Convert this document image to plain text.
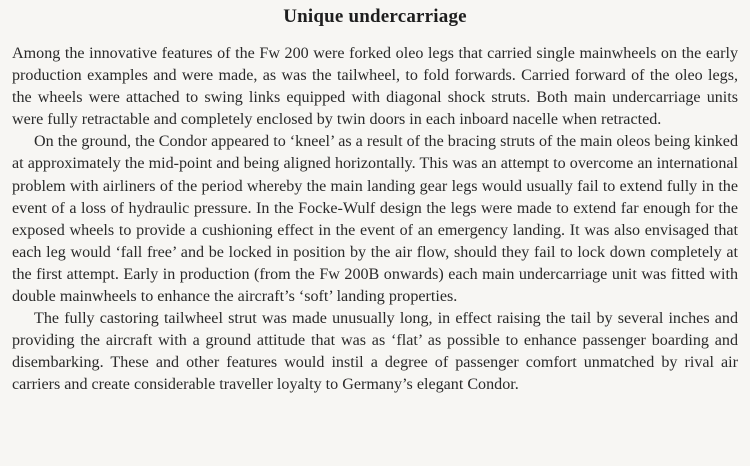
Unique undercarriage

Among the innovative features of the Fw 200 were forked oleo legs that carried single mainwheels on the early production examples and were made, as was the tailwheel, to fold forwards. Carried forward of the oleo legs, the wheels were attached to swing links equipped with diagonal shock struts. Both main undercarriage units were fully retractable and completely enclosed by twin doors in each inboard nacelle when retracted.

On the ground, the Condor appeared to ‘kneel’ as a result of the bracing struts of the main oleos being kinked at approximately the mid-point and being aligned horizontally. This was an attempt to overcome an international problem with airliners of the period whereby the main landing gear legs would usually fail to extend fully in the event of a loss of hydraulic pressure. In the Focke-Wulf design the legs were made to extend far enough for the exposed wheels to provide a cushioning effect in the event of an emergency landing. It was also envisaged that each leg would ‘fall free’ and be locked in position by the air flow, should they fail to lock down completely at the first attempt. Early in production (from the Fw 200B onwards) each main undercarriage unit was fitted with double mainwheels to enhance the aircraft’s ‘soft’ landing properties.

The fully castoring tailwheel strut was made unusually long, in effect raising the tail by several inches and providing the aircraft with a ground attitude that was as ‘flat’ as possible to enhance passenger boarding and disembarking. These and other features would instil a degree of passenger comfort unmatched by rival air carriers and create considerable traveller loyalty to Germany’s elegant Condor.
